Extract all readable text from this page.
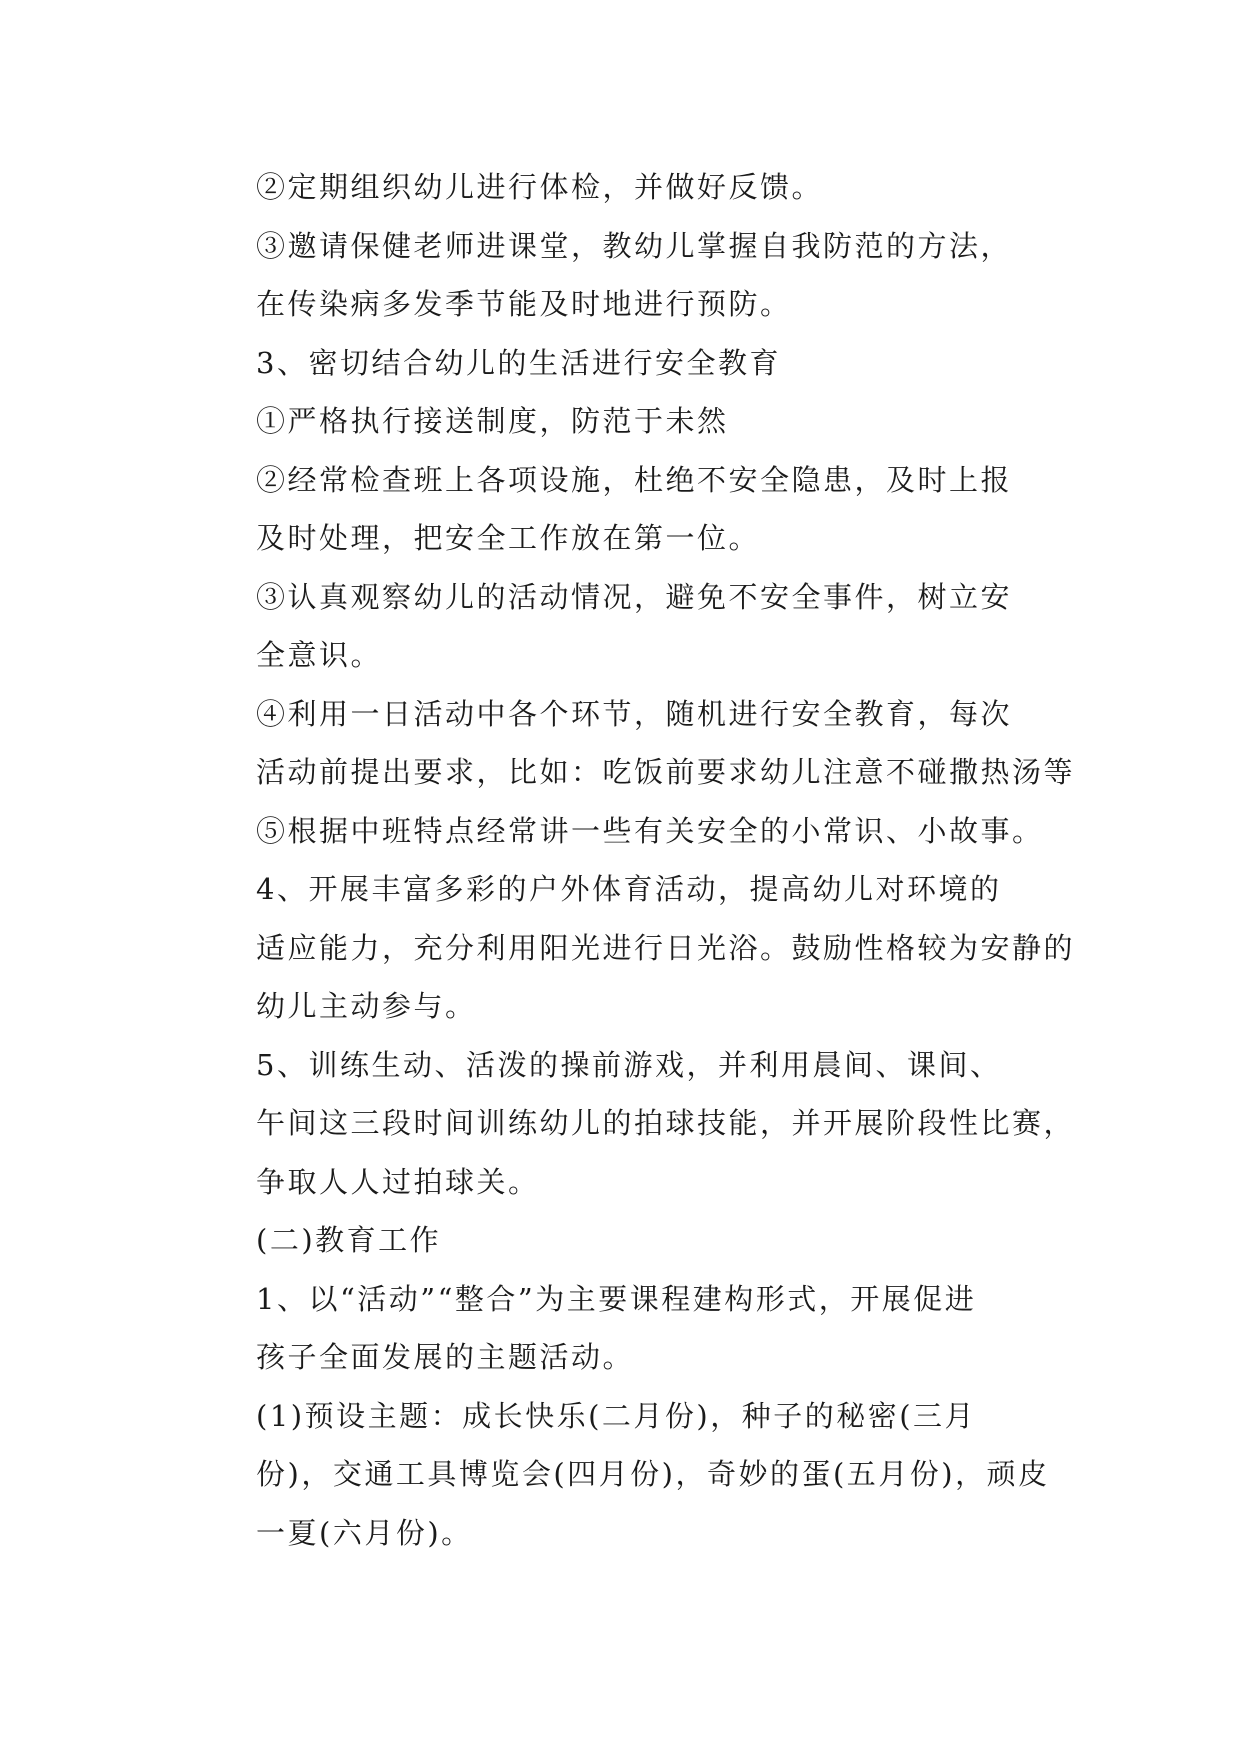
②定期组织幼儿进行体检，并做好反馈。
③邀请保健老师进课堂，教幼儿掌握自我防范的方法，
在传染病多发季节能及时地进行预防。
3、密切结合幼儿的生活进行安全教育
①严格执行接送制度，防范于未然
②经常检查班上各项设施，杜绝不安全隐患，及时上报
及时处理，把安全工作放在第一位。
③认真观察幼儿的活动情况，避免不安全事件，树立安
全意识。
④利用一日活动中各个环节，随机进行安全教育，每次
活动前提出要求，比如：吃饭前要求幼儿注意不碰撒热汤等
⑤根据中班特点经常讲一些有关安全的小常识、小故事。
4、开展丰富多彩的户外体育活动，提高幼儿对环境的
适应能力，充分利用阳光进行日光浴。鼓励性格较为安静的
幼儿主动参与。
5、训练生动、活泼的操前游戏，并利用晨间、课间、
午间这三段时间训练幼儿的拍球技能，并开展阶段性比赛，
争取人人过拍球关。
(二)教育工作
1、以“活动”“整合”为主要课程建构形式，开展促进
孩子全面发展的主题活动。
(1)预设主题：成长快乐(二月份)，种子的秘密(三月
份)，交通工具博览会(四月份)，奇妙的蛋(五月份)，顽皮
一夏(六月份)。
